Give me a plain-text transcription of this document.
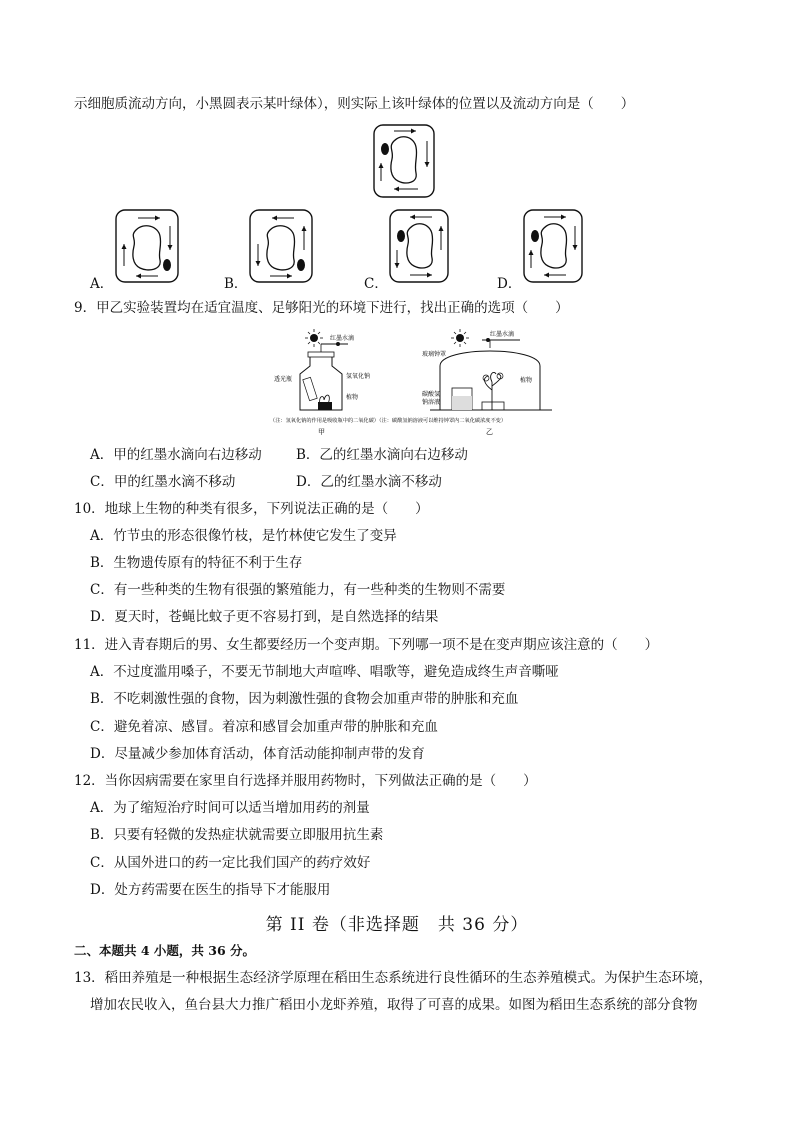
示细胞质流动方向，小黑圆表示某叶绿体），则实际上该叶绿体的位置以及流动方向是（　　）
A．	B．	C．	D．
9．甲乙实验装置均在适宜温度、足够阳光的环境下进行，找出正确的选项（　　）
红墨水滴
透光瓶	氢氧化钠
植物
红墨水滴
玻璃钟罩
植物
碳酸氢
钠溶液
（注：氢氧化钠的作用是吸收瓶中的二氧化碳）（注：碳酸氢钠溶液可以维持钟罩内二氧化碳浓度不变）
甲	乙
A．甲的红墨水滴向右边移动	B．乙的红墨水滴向右边移动
C．甲的红墨水滴不移动	D．乙的红墨水滴不移动
10．地球上生物的种类有很多，下列说法正确的是（　　）
A．竹节虫的形态很像竹枝，是竹林使它发生了变异
B．生物遗传原有的特征不利于生存
C．有一些种类的生物有很强的繁殖能力，有一些种类的生物则不需要
D．夏天时，苍蝇比蚊子更不容易打到，是自然选择的结果
11．进入青春期后的男、女生都要经历一个变声期。下列哪一项不是在变声期应该注意的（　　）
A．不过度滥用嗓子，不要无节制地大声喧哗、唱歌等，避免造成终生声音嘶哑
B．不吃刺激性强的食物，因为刺激性强的食物会加重声带的肿胀和充血
C．避免着凉、感冒。着凉和感冒会加重声带的肿胀和充血
D．尽量减少参加体育活动，体育活动能抑制声带的发育
12．当你因病需要在家里自行选择并服用药物时，下列做法正确的是（　　）
A．为了缩短治疗时间可以适当增加用药的剂量
B．只要有轻微的发热症状就需要立即服用抗生素
C．从国外进口的药一定比我们国产的药疗效好
D．处方药需要在医生的指导下才能服用
第 II 卷（非选择题　共 36 分）
二、本题共 4 小题，共 36 分。
13．稻田养殖是一种根据生态经济学原理在稻田生态系统进行良性循环的生态养殖模式。为保护生态环境，
增加农民收入，鱼台县大力推广稻田小龙虾养殖，取得了可喜的成果。如图为稻田生态系统的部分食物
